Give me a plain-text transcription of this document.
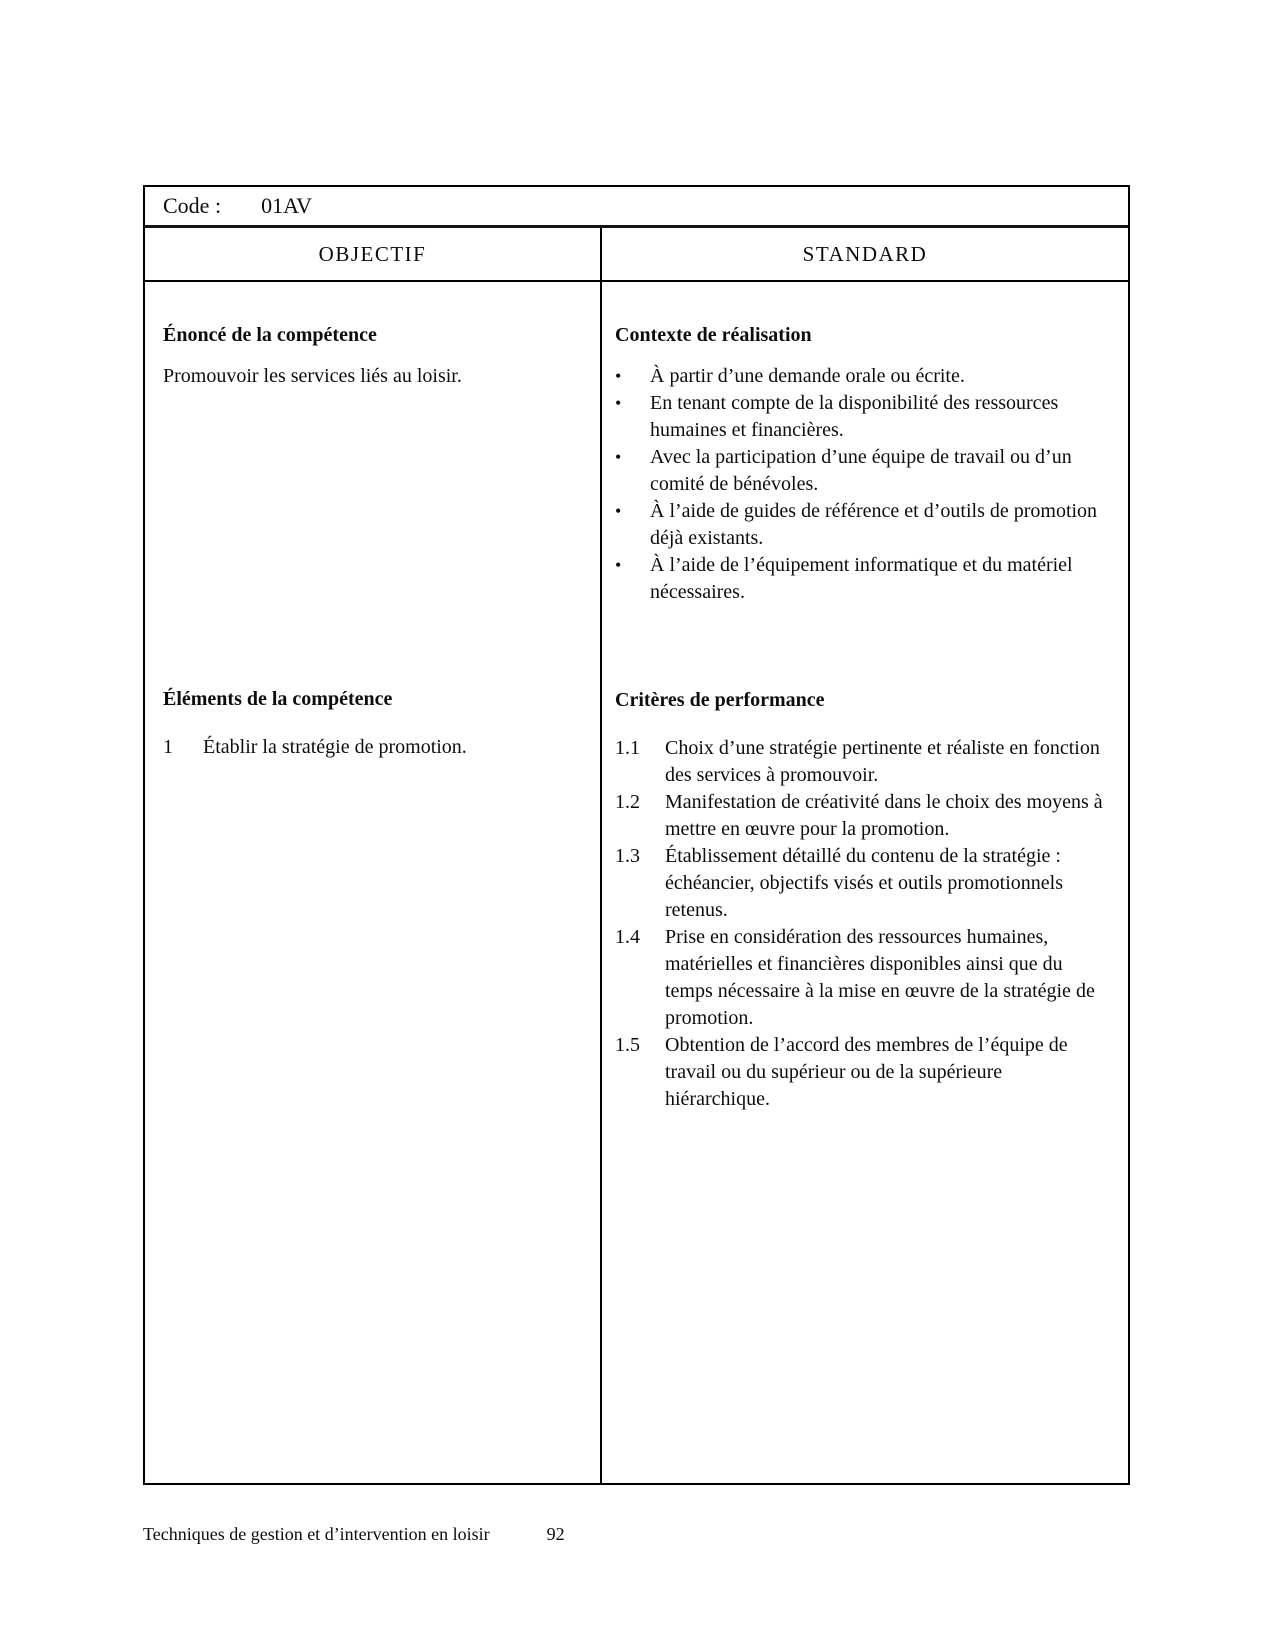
Code : 01AV
OBJECTIF	STANDARD

Énoncé de la compétence

Promouvoir les services liés au loisir.

Éléments de la compétence

1	Établir la stratégie de promotion.

Contexte de réalisation

•	À partir d’une demande orale ou écrite.
•	En tenant compte de la disponibilité des ressources humaines et financières.
•	Avec la participation d’une équipe de travail ou d’un comité de bénévoles.
•	À l’aide de guides de référence et d’outils de promotion déjà existants.
•	À l’aide de l’équipement informatique et du matériel nécessaires.

Critères de performance

1.1	Choix d’une stratégie pertinente et réaliste en fonction des services à promouvoir.
1.2	Manifestation de créativité dans le choix des moyens à mettre en œuvre pour la promotion.
1.3	Établissement détaillé du contenu de la stratégie : échéancier, objectifs visés et outils promotionnels retenus.
1.4	Prise en considération des ressources humaines, matérielles et financières disponibles ainsi que du temps nécessaire à la mise en œuvre de la stratégie de promotion.
1.5	Obtention de l’accord des membres de l’équipe de travail ou du supérieur ou de la supérieure hiérarchique.
Techniques de gestion et d’intervention en loisir	92
